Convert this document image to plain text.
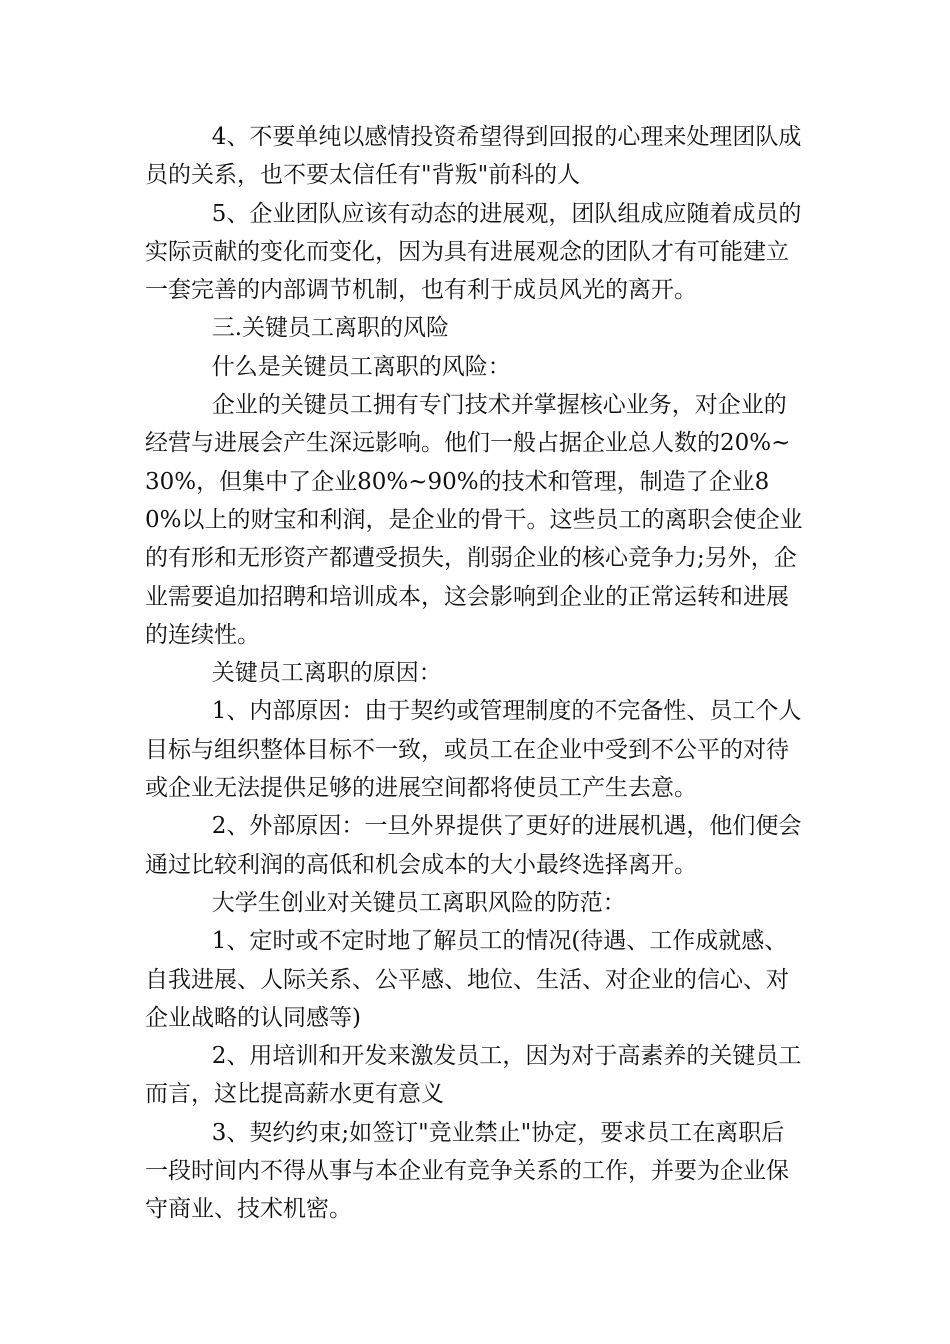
4、不要单纯以感情投资希望得到回报的心理来处理团队成员的关系，也不要太信任有"背叛"前科的人

5、企业团队应该有动态的进展观，团队组成应随着成员的实际贡献的变化而变化，因为具有进展观念的团队才有可能建立一套完善的内部调节机制，也有利于成员风光的离开。

三.关键员工离职的风险

什么是关键员工离职的风险：

企业的关键员工拥有专门技术并掌握核心业务，对企业的经营与进展会产生深远影响。他们一般占据企业总人数的20%~30%，但集中了企业80%~90%的技术和管理，制造了企业80%以上的财宝和利润，是企业的骨干。这些员工的离职会使企业的有形和无形资产都遭受损失，削弱企业的核心竞争力;另外，企业需要追加招聘和培训成本，这会影响到企业的正常运转和进展的连续性。

关键员工离职的原因：

1、内部原因：由于契约或管理制度的不完备性、员工个人目标与组织整体目标不一致，或员工在企业中受到不公平的对待或企业无法提供足够的进展空间都将使员工产生去意。

2、外部原因：一旦外界提供了更好的进展机遇，他们便会通过比较利润的高低和机会成本的大小最终选择离开。

大学生创业对关键员工离职风险的防范：

1、定时或不定时地了解员工的情况(待遇、工作成就感、自我进展、人际关系、公平感、地位、生活、对企业的信心、对企业战略的认同感等)

2、用培训和开发来激发员工，因为对于高素养的关键员工而言，这比提高薪水更有意义

3、契约约束;如签订"竞业禁止"协定，要求员工在离职后一段时间内不得从事与本企业有竞争关系的工作，并要为企业保守商业、技术机密。
